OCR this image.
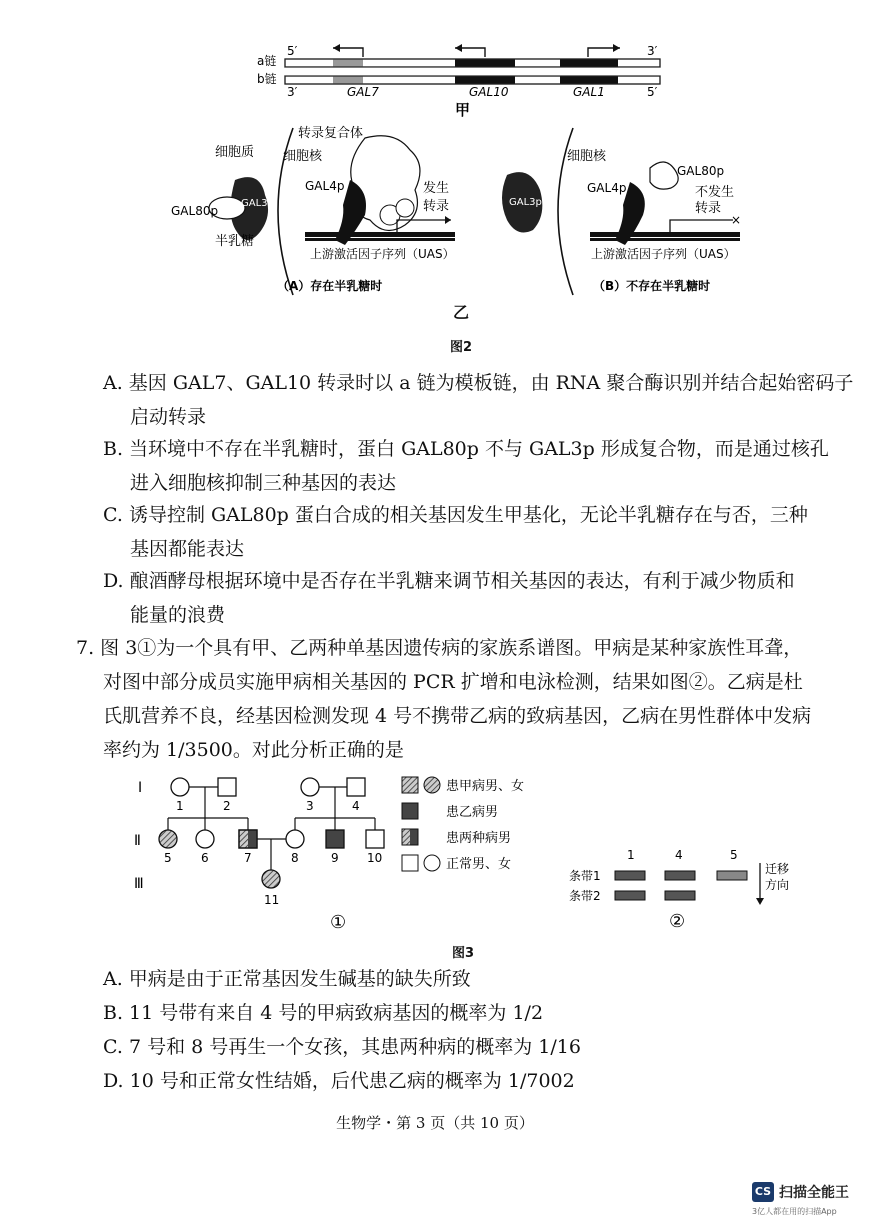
a链
b链
5′	3′
3′	5′
GAL7	GAL10	GAL1
甲
细胞质 细胞核
转录复合体
GAL3p
GAL80p
半乳糖
GAL4p	发生
转录
上游激活因子序列（UAS）
（A）存在半乳糖时
细胞核
GAL3p
GAL80p
GAL4p	不发生
转录
×
上游激活因子序列（UAS）
（B）不存在半乳糖时
乙
图2
A. 基因 GAL7、GAL10 转录时以 a 链为模板链，由 RNA 聚合酶识别并结合起始密码子
启动转录
B. 当环境中不存在半乳糖时，蛋白 GAL80p 不与 GAL3p 形成复合物，而是通过核孔
进入细胞核抑制三种基因的表达
C. 诱导控制 GAL80p 蛋白合成的相关基因发生甲基化，无论半乳糖存在与否，三种
基因都能表达
D. 酿酒酵母根据环境中是否存在半乳糖来调节相关基因的表达，有利于减少物质和
能量的浪费
7. 图 3①为一个具有甲、乙两种单基因遗传病的家族系谱图。甲病是某种家族性耳聋，
对图中部分成员实施甲病相关基因的 PCR 扩增和电泳检测，结果如图②。乙病是杜
氏肌营养不良，经基因检测发现 4 号不携带乙病的致病基因，乙病在男性群体中发病
率约为 1/3500。对此分析正确的是
Ⅰ
Ⅱ
Ⅲ
1	2	3	4
5 6	7	8	9 10
11
①
患甲病男、女
患乙病男
患两种病男
正常男、女
1	4	5
条带1
条带2
迁移
方向
②
图3
A. 甲病是由于正常基因发生碱基的缺失所致
B. 11 号带有来自 4 号的甲病致病基因的概率为 1/2
C. 7 号和 8 号再生一个女孩，其患两种病的概率为 1/16
D. 10 号和正常女性结婚，后代患乙病的概率为 1/7002
生物学・第 3 页（共 10 页）
CS 扫描全能王
3亿人都在用的扫描App
